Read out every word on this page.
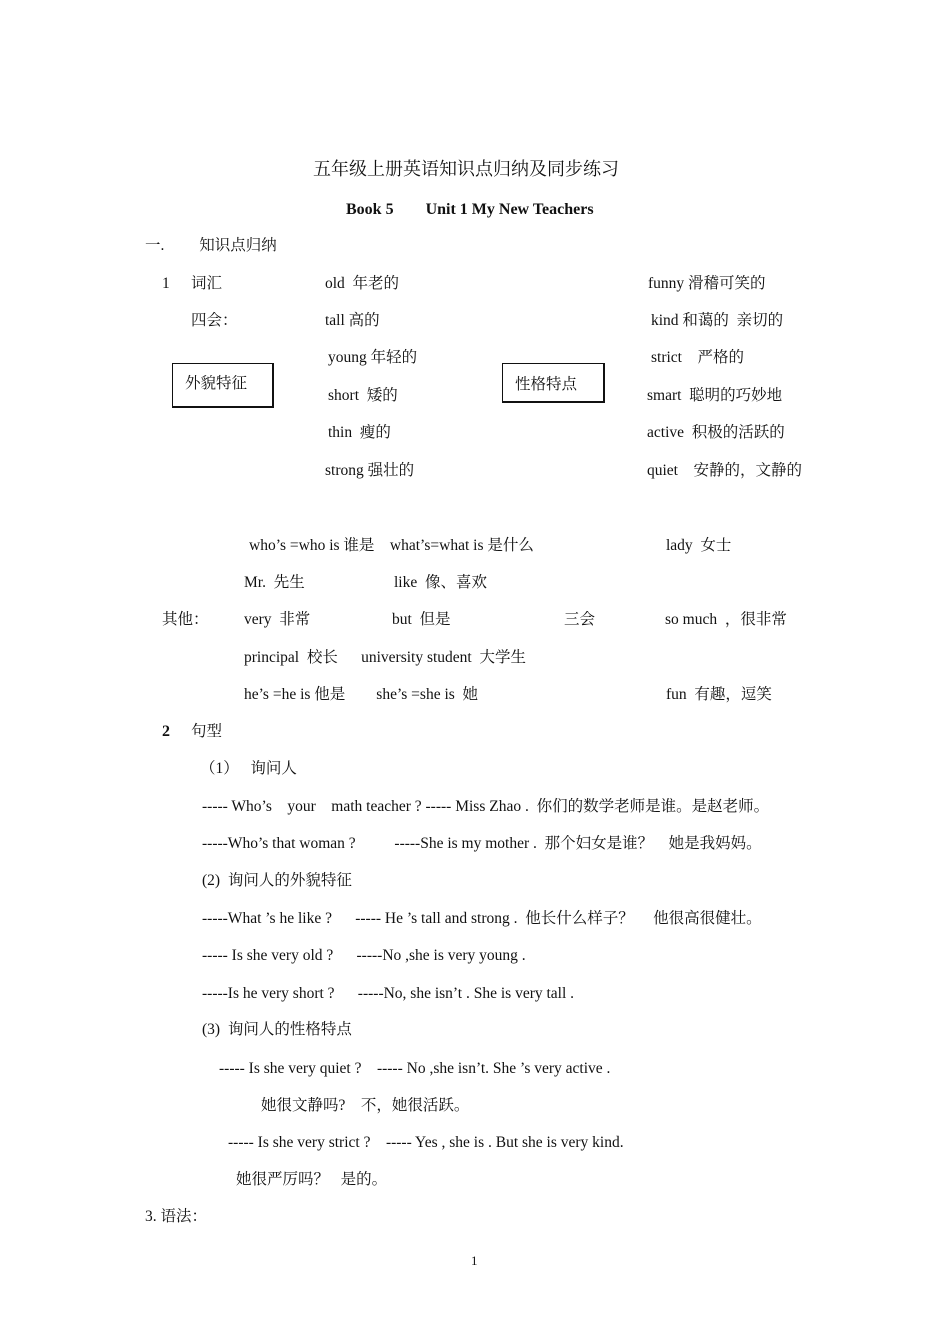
五年级上册英语知识点归纳及同步练习
Book 5        Unit 1 My New Teachers
一.         知识点归纳
1 词汇
四会：
外貌特征	性格特点
old  年老的
tall 高的
young 年轻的
short  矮的
thin  瘦的
strong 强壮的
funny 滑稽可笑的
kind 和蔼的  亲切的
strict    严格的
smart  聪明的巧妙地
active  积极的活跃的
quiet    安静的，文静的
who’s =who is 谁是    what’s=what is 是什么	lady  女士
Mr.  先生	like  像、喜欢
其他： very  非常	but  但是	三会	so much  ，很非常
principal  校长      university student  大学生
he’s =he is 他是        she’s =she is  她	fun  有趣，逗笑
2 句型
（1）   询问人
----- Who’s    your    math teacher ? ----- Miss Zhao .  你们的数学老师是谁。是赵老师。
-----Who’s that woman ?          -----She is my mother .  那个妇女是谁？    她是我妈妈。
(2)  询问人的外貌特征
-----What ’s he like ?      ----- He ’s tall and strong .  他长什么样子？     他很高很健壮。
----- Is she very old ?      -----No ,she is very young .
-----Is he very short ?      -----No, she isn’t . She is very tall .
(3)  询问人的性格特点
----- Is she very quiet ?    ----- No ,she isn’t. She ’s very active .
她很文静吗?    不，她很活跃。
----- Is she very strict ?    ----- Yes , she is . But she is very kind.
她很严厉吗？   是的。
3. 语法：
1
